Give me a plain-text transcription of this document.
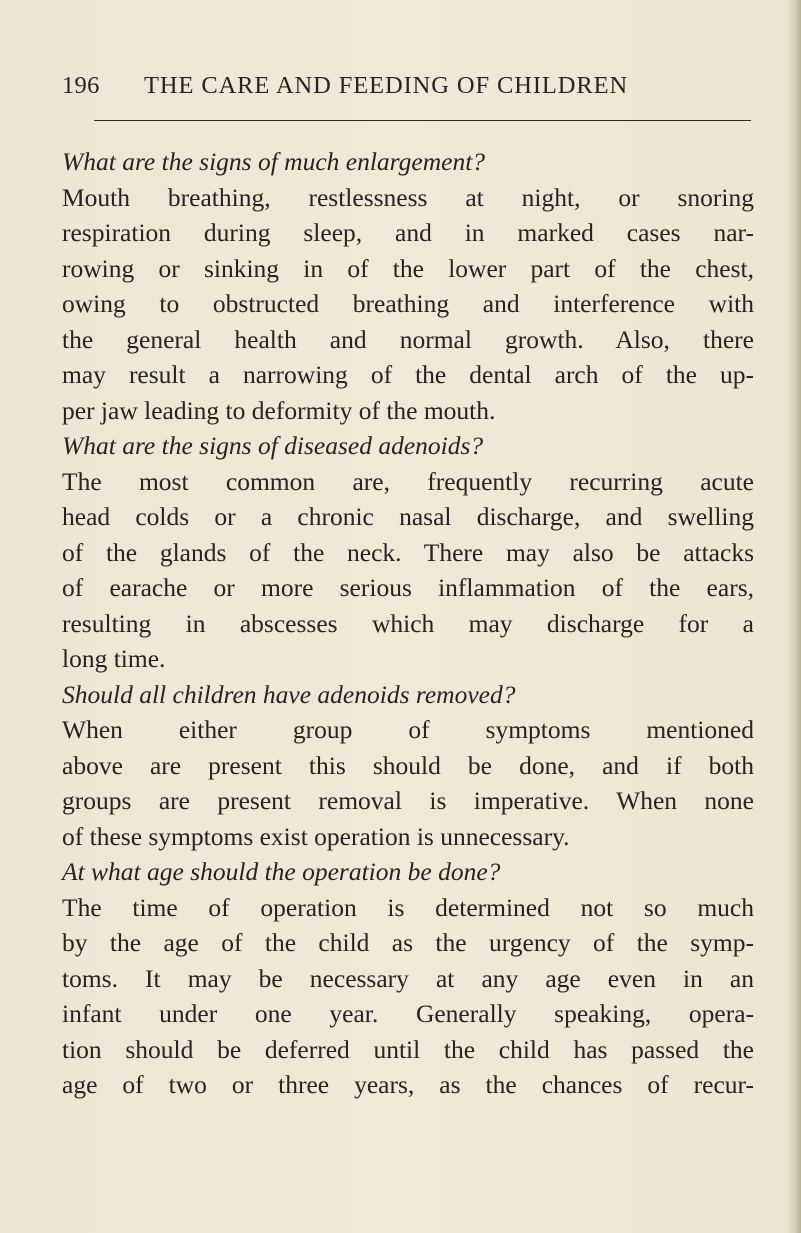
196 THE CARE AND FEEDING OF CHILDREN
What are the signs of much enlargement?
Mouth breathing, restlessness at night, or snoring
respiration during sleep, and in marked cases nar-
rowing or sinking in of the lower part of the chest,
owing to obstructed breathing and interference with
the general health and normal growth. Also, there
may result a narrowing of the dental arch of the up-
per jaw leading to deformity of the mouth.
What are the signs of diseased adenoids?
The most common are, frequently recurring acute
head colds or a chronic nasal discharge, and swelling
of the glands of the neck. There may also be attacks
of earache or more serious inflammation of the ears,
resulting in abscesses which may discharge for a
long time.
Should all children have adenoids removed?
When either group of symptoms mentioned
above are present this should be done, and if both
groups are present removal is imperative. When none
of these symptoms exist operation is unnecessary.
At what age should the operation be done?
The time of operation is determined not so much
by the age of the child as the urgency of the symp-
toms. It may be necessary at any age even in an
infant under one year. Generally speaking, opera-
tion should be deferred until the child has passed the
age of two or three years, as the chances of recur-
